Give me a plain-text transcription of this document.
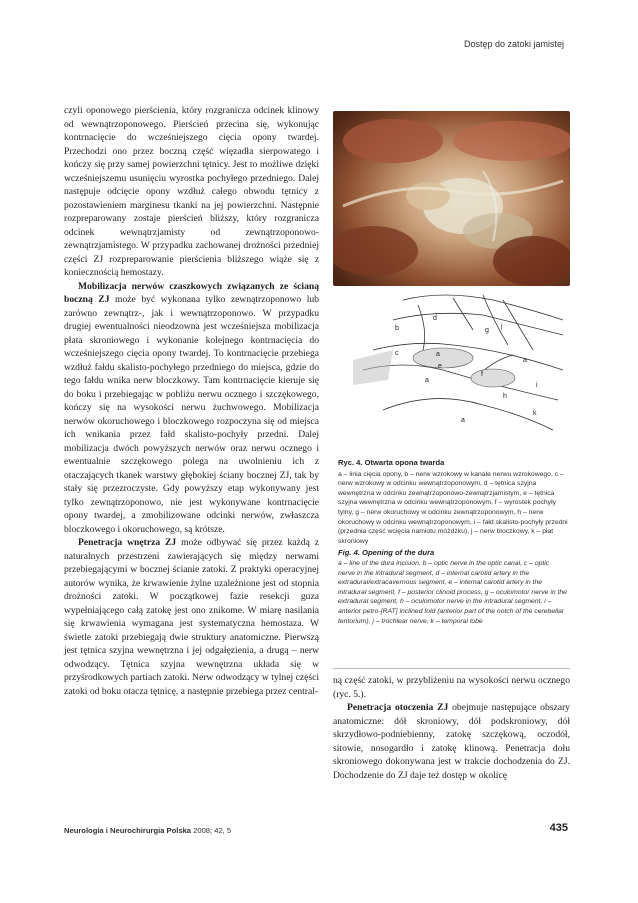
Dostęp do zatoki jamistej

czyli oponowego pierścienia, który rozgranicza odcinek klinowy od wewnątrzoponowego. Pierścień przecina się, wykonując kontrnacięcie do wcześniejszego cięcia opony twardej. Przechodzi ono przez boczną część więzadła sierpowatego i kończy się przy samej powierzchni tętnicy. Jest to możliwe dzięki wcześniejszemu usunięciu wyrostka pochyłego przedniego. Dalej następuje odcięcie opony wzdłuż całego obwodu tętnicy z pozostawieniem marginesu tkanki na jej powierzchni. Następnie rozpreparowany zostaje pierścień bliższy, który rozgranicza odcinek wewnątrzjamisty od zewnątrzoponowo-zewnątrzjamistego. W przypadku zachowanej drożności przedniej części ZJ rozpreparowanie pierścienia bliższego wiąże się z koniecznością hemostazy.

Mobilizacja nerwów czaszkowych związanych ze ścianą boczną ZJ może być wykonana tylko zewnątrzoponowo lub zarówno zewnątrz-, jak i wewnątrzoponowo. W przypadku drugiej ewentualności nieodzowna jest wcześniejsza mobilizacja płata skroniowego i wykonanie kolejnego kontrnacięcia do wcześniejszego cięcia opony twardej. To kontrnacięcie przebiega wzdłuż fałdu skalisto-pochyłego przedniego do miejsca, gdzie do tego fałdu wnika nerw bloczkowy. Tam kontrnacięcie kieruje się do boku i przebiegając w pobliżu nerwu ocznego i szczękowego, kończy się na wysokości nerwu żuchwowego. Mobilizacja nerwów okoruchowego i bloczkowego rozpoczyna się od miejsca ich wnikania przez fałd skalisto-pochyły przedni. Dalej mobilizacja dwóch powyższych nerwów oraz nerwu ocznego i ewentualnie szczękowego polega na uwolnieniu ich z otaczających tkanek warstwy głębokiej ściany bocznej ZJ, tak by stały się przezroczyste. Gdy powyższy etap wykonywany jest tylko zewnątrzoponowo, nie jest wykonywane kontrnacięcie opony twardej, a zmobilizowane odcinki nerwów, zwłaszcza bloczkowego i okoruchowego, są krótsze.

Penetracja wnętrza ZJ może odbywać się przez każdą z naturalnych przestrzeni zawierających się między nerwami przebiegającymi w bocznej ścianie zatoki. Z praktyki operacyjnej autorów wynika, że krwawienie żylne uzależnione jest od stopnia drożności zatoki. W początkowej fazie resekcji guza wypełniającego całą zatokę jest ono znikome. W miarę nasilania się krwawienia wymagana jest systematyczna hemostaza. W świetle zatoki przebiegają dwie struktury anatomiczne. Pierwszą jest tętnica szyjna wewnętrzna i jej odgałęzienia, a drugą – nerw odwodzący. Tętnica szyjna wewnętrzna układa się w przyśrodkowych partiach zatoki. Nerw odwodzący w tylnej części zatoki od boku otacza tętnicę, a następnie przebiega przez central-

d
b	g
j
c	a
e
f
a
a
h
i
k
a
Ryc. 4. Otwarta opona twarda
a – linia cięcia opony, b – nerw wzrokowy w kanale nerwu wzrokowego, c – nerw wzrokowy w odcinku wewnątrzoponowym, d – tętnica szyjna wewnętrzna w odcinku zewnątrzoponowo-zewnątrzjamistym, e – tętnica szyjna wewnętrzna w odcinku wewnątrzoponowym, f – wyrostek pochyły tylny, g – nerw okoruchowy w odcinku zewnątrzoponowym, h – nerw okoruchowy w odcinku wewnątrzoponowym, i – fałd skalisto-pochyły przedni (przednia część wcięcia namiotu móżdżku), j – nerw bloczkowy, k – płat skroniowy
Fig. 4. Opening of the dura
a – line of the dura incision, b – optic nerve in the optic canal, c – optic nerve in the intradural segment, d – internal carotid artery in the extradural/extracavernous segment, e – internal carotid artery in the intradural segment, f – posterior clinoid process, g – oculomotor nerve in the extradural segment, h – oculomotor nerve in the intradural segment, i – anterior petro-[RAT] inclined fold (anterior part of the notch of the cerebellar tentorium), j – trochlear nerve, k – temporal lobe

ną część zatoki, w przybliżeniu na wysokości nerwu ocznego (ryc. 5.).

Penetracja otoczenia ZJ obejmuje następujące obszary anatomiczne: dół skroniowy, dół podskroniowy, dół skrzydłowo-podniebienny, zatokę szczękową, oczodół, sitowie, nosogardło i zatokę klinową. Penetracja dołu skroniowego dokonywana jest w trakcie dochodzenia do ZJ. Dochodzenie do ZJ daje też dostęp w okolicę

Neurologia i Neurochirurgia Polska 2008; 42, 5	435
